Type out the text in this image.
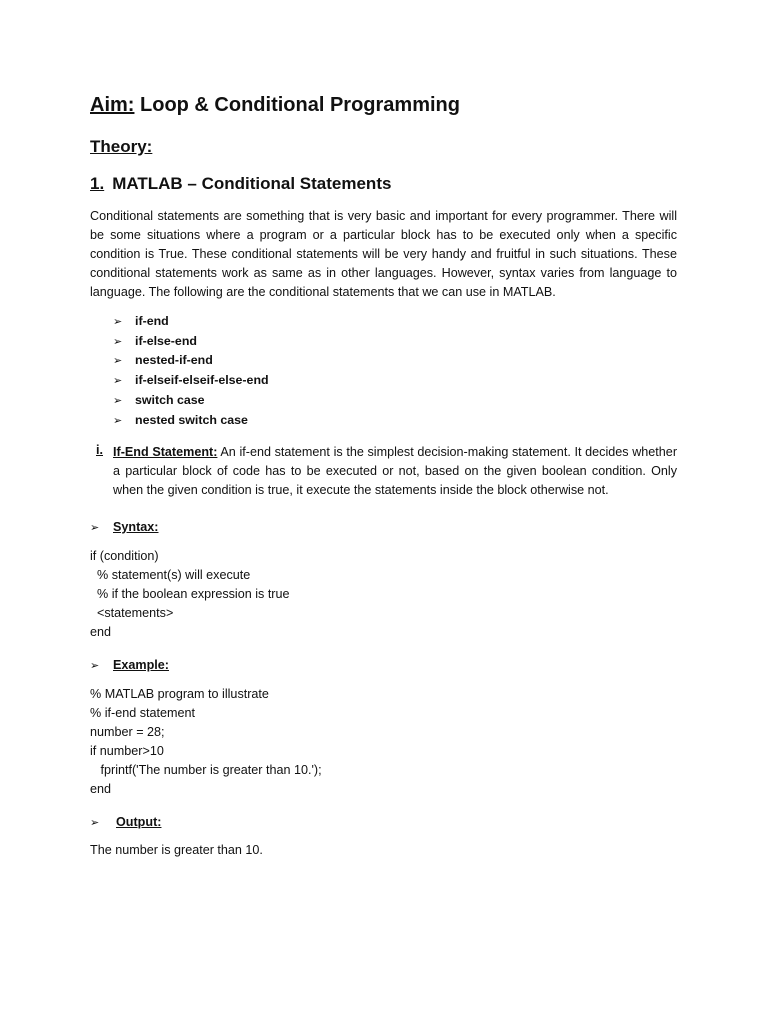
Aim: Loop & Conditional Programming
Theory:
1. MATLAB – Conditional Statements

Conditional statements are something that is very basic and important for every programmer. There will be some situations where a program or a particular block has to be executed only when a specific condition is True. These conditional statements will be very handy and fruitful in such situations. These conditional statements work as same as in other languages. However, syntax varies from language to language. The following are the conditional statements that we can use in MATLAB.

➢ if-end
➢ if-else-end
➢ nested-if-end
➢ if-elseif-elseif-else-end
➢ switch case
➢ nested switch case
i. If-End Statement: An if-end statement is the simplest decision-making statement. It decides whether a particular block of code has to be executed or not, based on the given boolean condition. Only when the given condition is true, it execute the statements inside the block otherwise not.

➢ Syntax:
if (condition)
% statement(s) will execute
% if the boolean expression is true
<statements>
end
➢ Example:
% MATLAB program to illustrate
% if-end statement
number = 28;
if number>10
fprintf('The number is greater than 10.');
end
➢ Output:
The number is greater than 10.
